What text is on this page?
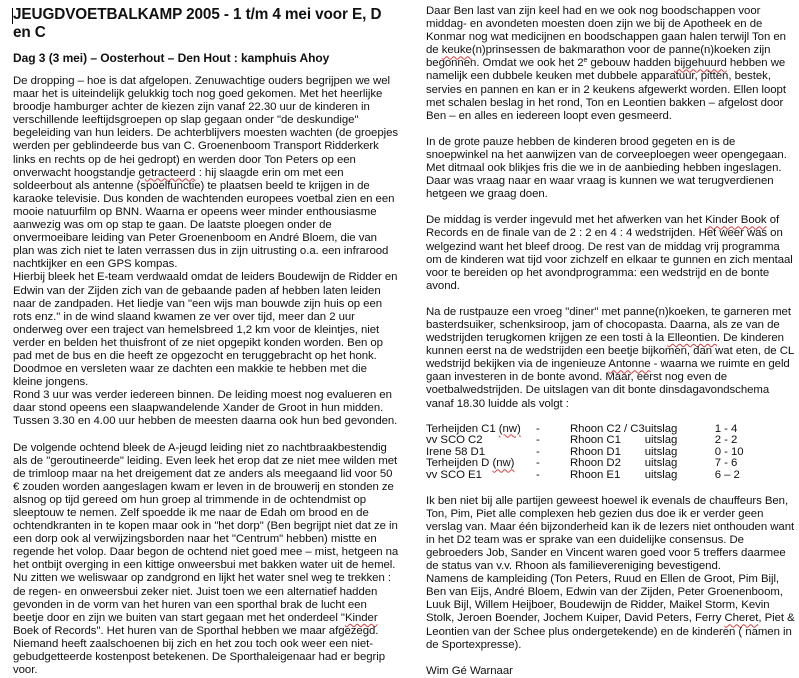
JEUGDVOETBALKAMP 2005 - 1 t/m 4 mei voor E, D en C
Dag 3 (3 mei) – Oosterhout – Den Hout : kamphuis Ahoy

De dropping – hoe is dat afgelopen. Zenuwachtige ouders begrijpen we wel maar het is uiteindelijk gelukkig toch nog goed gekomen. Met het heerlijke broodje hamburger achter de kiezen zijn vanaf 22.30 uur de kinderen in verschillende leeftijdsgroepen op slap gegaan onder "de deskundige" begeleiding van hun leiders. De achterblijvers moesten wachten (de groepjes werden per geblindeerde bus van C. Groenenboom Transport Ridderkerk links en rechts op de hei gedropt) en werden door Ton Peters op een onverwacht hoogstandje getracteerd : hij slaagde erin om met een soldeerbout als antenne (spoelfunctie) te plaatsen beeld te krijgen in de karaoke televisie. Dus konden de wachtenden europees voetbal zien en een mooie natuurfilm op BNN. Waarna er opeens weer minder enthousiasme aanwezig was om op stap te gaan. De laatste ploegen onder de onvermoeibare leiding van Peter Groenenboom en André Bloem, die van plan was zich niet te laten verrassen dus in zijn uitrusting o.a. een infrarood nachtkijker en een GPS kompas.

Hierbij bleek het E-team verdwaald omdat de leiders Boudewijn de Ridder en Edwin van der Zijden zich van de gebaande paden af hebben laten leiden naar de zandpaden. Het liedje van "een wijs man bouwde zijn huis op een rots enz." in de wind slaand kwamen ze ver over tijd, meer dan 2 uur onderweg over een traject van hemelsbreed 1,2 km voor de kleintjes, niet verder en belden het thuisfront of ze niet opgepikt konden worden. Ben op pad met de bus en die heeft ze opgezocht en teruggebracht op het honk. Doodmoe en versleten waar ze dachten een makkie te hebben met die kleine jongens.

Rond 3 uur was verder iedereen binnen. De leiding moest nog evalueren en daar stond opeens een slaapwandelende Xander de Groot in hun midden. Tussen 3.30 en 4.00 uur hebben de meesten daarna ook hun bed gevonden.

De volgende ochtend bleek de A-jeugd leiding niet zo nachtbraakbestendig als de "geroutineerde" leiding. Even leek het erop dat ze niet mee wilden met de trimloop maar na het dreigement dat ze anders als meegaand lid voor 50 € zouden worden aangeslagen kwam er leven in de brouwerij en stonden ze alsnog op tijd gereed om hun groep al trimmende in de ochtendmist op sleeptouw te nemen. Zelf spoedde ik me naar de Edah om brood en de ochtendkranten in te kopen maar ook in "het dorp" (Ben begrijpt niet dat ze in een dorp ook al verwijzingsborden naar het "Centrum" hebben) mistte en regende het volop. Daar begon de ochtend niet goed mee – mist, hetgeen na het ontbijt overging in een kittige onweersbui met bakken water uit de hemel. Nu zitten we weliswaar op zandgrond en lijkt het water snel weg te trekken : de regen- en onweersbui zeker niet. Juist toen we een alternatief hadden gevonden in de vorm van het huren van een sporthal brak de lucht een beetje door en zijn we buiten van start gegaan met het onderdeel "Kinder Boek of Records". Het huren van de Sporthal hebben we maar afgezegd. Niemand heeft zaalschoenen bij zich en het zou toch ook weer een niet-gebudgetteerde kostenpost betekenen. De Sporthaleigenaar had er begrip voor.

Daar Ben last van zijn keel had en we ook nog boodschappen voor middag- en avondeten moesten doen zijn we bij de Apotheek en de Konmar nog wat medicijnen en boodschappen gaan halen terwijl Ton en de keuke(n)prinsessen de bakmarathon voor de panne(n)koeken zijn begonnen. Omdat we ook het 2e gebouw hadden bijgehuurd hebben we namelijk een dubbele keuken met dubbele apparatuur, pitten, bestek, servies en pannen en kan er in 2 keukens afgewerkt worden. Ellen loopt met schalen beslag in het rond, Ton en Leontien bakken – afgelost door Ben – en alles en iedereen loopt even gesmeerd.

In de grote pauze hebben de kinderen brood gegeten en is de snoepwinkel na het aanwijzen van de corveeploegen weer opengegaan. Met ditmaal ook blikjes fris die we in de aanbieding hebben ingeslagen. Daar was vraag naar en waar vraag is kunnen we wat terugverdienen hetgeen we graag doen.

De middag is verder ingevuld met het afwerken van het Kinder Book of Records en de finale van de 2 : 2 en 4 : 4 wedstrijden. Het weer was on welgezind want het bleef droog. De rest van de middag vrij programma om de kinderen wat tijd voor zichzelf en elkaar te gunnen en zich mentaal voor te bereiden op het avondprogramma: een wedstrijd en de bonte avond.

Na de rustpauze een vroeg "diner" met panne(n)koeken, te garneren met basterdsuiker, schenksiroop, jam of chocopasta. Daarna, als ze van de wedstrijden terugkomen krijgen ze een tosti à la Elleontien. De kinderen kunnen eerst na de wedstrijden een beetje bijkomen, dan wat eten, de CL wedstrijd bekijken via de ingenieuze Antonne - waarna we ruimte en geld gaan investeren in de bonte avond. Maar, eerst nog even de voetbalwedstrijden. De uitslagen van dit bonte dinsdagavondschema vanaf 18.30 luidde als volgt :

Terheijden C1 (nw)	-	Rhoon C2 / C3	uitslag	1 - 4
vv SCO C2	-	Rhoon C1	uitslag	2 - 2
Irene 58 D1	-	Rhoon D1	uitslag	0 - 10
Terheijden D (nw)	-	Rhoon D2	uitslag	7 - 6
vv SCO E1	-	Rhoon E1	uitslag	6 – 2

Ik ben niet bij alle partijen geweest hoewel ik evenals de chauffeurs Ben, Ton, Pim, Piet alle complexen heb gezien dus doe ik er verder geen verslag van. Maar één bijzonderheid kan ik de lezers niet onthouden want in het D2 team was er sprake van een duidelijke consensus. De gebroeders Job, Sander en Vincent waren goed voor 5 treffers daarmee de status van v.v. Rhoon als familievereniging bevestigend.

Namens de kampleiding (Ton Peters, Ruud en Ellen de Groot, Pim Bijl, Ben van Eijs, André Bloem, Edwin van der Zijden, Peter Groenenboom, Luuk Bijl, Willem Heijboer, Boudewijn de Ridder, Maikel Storm, Kevin Stolk, Jeroen Boender, Jochem Kuiper, David Peters, Ferry Cheret, Piet & Leontien van der Schee plus ondergetekende) en de kinderen ( namen in de Sportexpresse).

Wim Gé Warnaar
